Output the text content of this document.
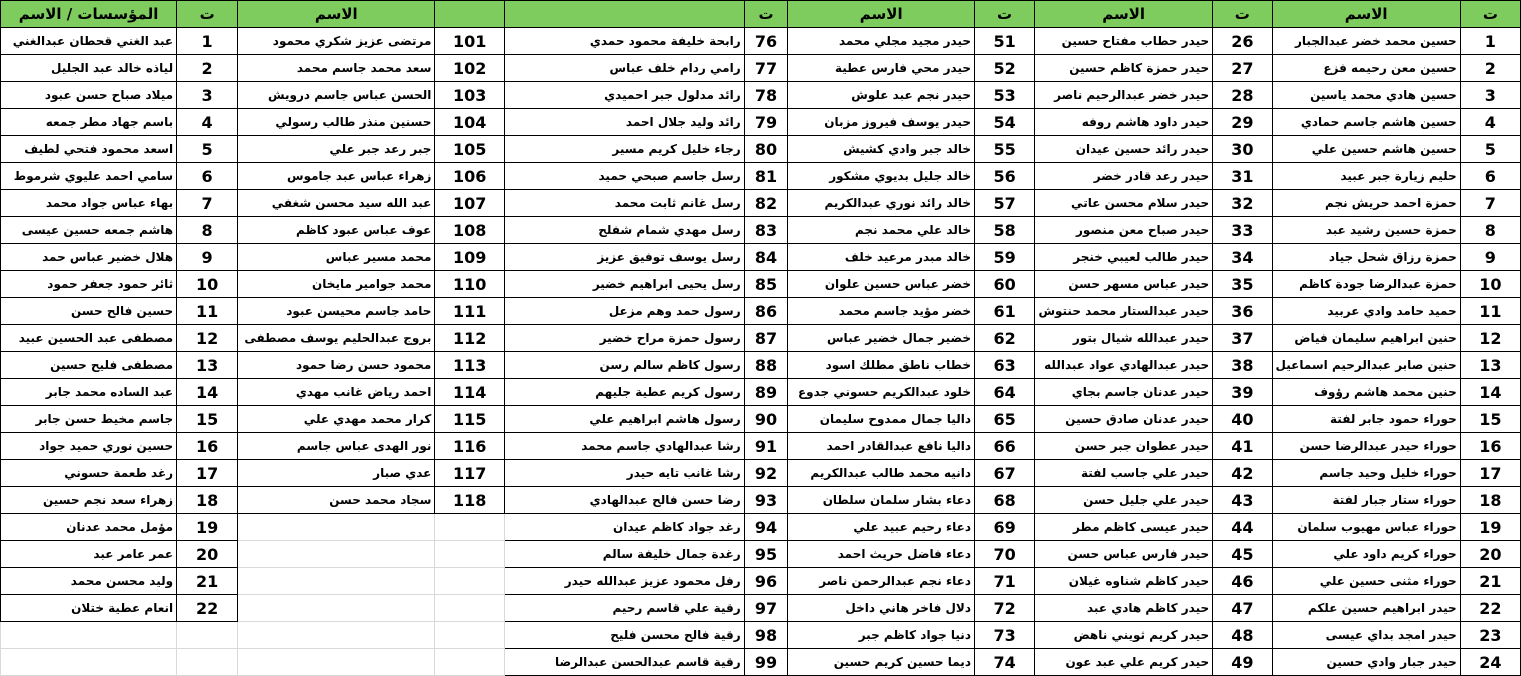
المؤسسات / الاسم	ت	الاسم			ت	الاسم	ت	الاسم	ت	الاسم	ت
عبد الغني قحطان عبدالغني	1	مرتضى عزيز شكري محمود	101	رابحة خليفة محمود حمدي	76	حيدر مجيد مجلي محمد	51	حيدر حطاب مفتاح حسين	26	حسين محمد خضر عبدالجبار	1
لياذه خالد عبد الجليل	2	سعد محمد جاسم محمد	102	رامي ردام خلف عباس	77	حيدر محي فارس عطية	52	حيدر حمزة كاظم حسين	27	حسين معن رحيمه فزع	2
ميلاد صباح حسن عبود	3	الحسن عباس جاسم درويش	103	رائد مدلول جبر احميدي	78	حيدر نجم عبد علوش	53	حيدر خضر عبدالرحيم ناصر	28	حسين هادي محمد ياسين	3
باسم جهاد مطر جمعه	4	حسنين منذر طالب رسولي	104	رائد وليد جلال احمد	79	حيدر يوسف فيروز مزبان	54	حيدر داود هاشم روفه	29	حسين هاشم جاسم حمادي	4
اسعد محمود فتحي لطيف	5	جبر رعد جبر علي	105	رجاء خليل كريم مسير	80	خالد جبر وادي كشيش	55	حيدر رائد حسين عيدان	30	حسين هاشم حسين علي	5
سامي احمد عليوي شرموط	6	زهراء عباس عبد جاموس	106	رسل جاسم صبحي حميد	81	خالد جليل بديوي مشكور	56	حيدر رعد قادر خضر	31	حليم زيارة جبر عبيد	6
بهاء عباس جواد محمد	7	عبد الله سيد محسن شغفي	107	رسل غانم ثابت محمد	82	خالد رائد نوري عبدالكريم	57	حيدر سلام محسن عاتي	32	حمزة احمد حريش نجم	7
هاشم جمعه حسين عيسى	8	عوف عباس عبود كاظم	108	رسل مهدي شمام شفلح	83	خالد علي محمد نجم	58	حيدر صباح معن منصور	33	حمزة حسين رشيد عبد	8
هلال خضير عباس حمد	9	محمد مسير عباس	109	رسل يوسف توفيق عزيز	84	خالد مبدر مرعيد خلف	59	حيدر طالب لعيبي خنجر	34	حمزة رزاق شحل جياد	9
ثائر حمود جعفر حمود	10	محمد جوامير مايخان	110	رسل يحيى ابراهيم خضير	85	خضر عباس حسين علوان	60	حيدر عباس مسهر حسن	35	حمزة عبدالرضا جودة كاظم	10
حسين فالح حسن	11	حامد جاسم محيسن عبود	111	رسول حمد وهم مزعل	86	خضر مؤيد جاسم محمد	61	حيدر عبدالستار محمد حنتوش	36	حميد حامد وادي عربيد	11
مصطفى عبد الحسين عبيد	12	بروج عبدالحليم يوسف مصطفى	112	رسول حمزة مراح خضير	87	خضير جمال خضير عباس	62	حيدر عبدالله شيال بتور	37	حنين ابراهيم سليمان فياض	12
مصطفى فليح حسين	13	محمود حسن رضا حمود	113	رسول كاظم سالم رسن	88	خطاب ناطق مطلك اسود	63	حيدر عبدالهادي عواد عبدالله	38	حنين صابر عبدالرحيم اسماعيل	13
عبد الساده محمد جابر	14	احمد رياض غانب مهدي	114	رسول كريم عطية جليهم	89	خلود عبدالكريم حسوني جدوع	64	حيدر عدنان جاسم بجاي	39	حنين محمد هاشم رؤوف	14
جاسم مخيط حسن جابر	15	كرار محمد مهدي علي	115	رسول هاشم ابراهيم علي	90	داليا جمال ممدوح سليمان	65	حيدر عدنان صادق حسين	40	حوراء حمود جابر لفتة	15
حسين نوري حميد جواد	16	نور الهدى عباس جاسم	116	رشا عبدالهادي جاسم محمد	91	داليا نافع عبدالقادر احمد	66	حيدر عطوان جبر حسن	41	حوراء حيدر عبدالرضا حسن	16
رغد طعمة حسوني	17	عدي صبار	117	رشا غانب تايه حيدر	92	دانيه محمد طالب عبدالكريم	67	حيدر علي جاسب لفتة	42	حوراء خليل وحيد جاسم	17
زهراء سعد نجم حسين	18	سجاد محمد حسن	118	رضا حسن فالح عبدالهادي	93	دعاء بشار سلمان سلطان	68	حيدر علي جليل حسن	43	حوراء ستار جبار لفتة	18
مؤمل محمد عدنان	19			رغد جواد كاظم عيدان	94	دعاء رحيم عبيد علي	69	حيدر عيسى كاظم مطر	44	حوراء عباس مهيوب سلمان	19
عمر عامر عبد	20			رغدة جمال خليفة سالم	95	دعاء فاضل حريث احمد	70	حيدر فارس عباس حسن	45	حوراء كريم داود علي	20
وليد محسن محمد	21			رفل محمود عزيز عبدالله حيدر	96	دعاء نجم عبدالرحمن ناصر	71	حيدر كاظم شناوه غيلان	46	حوراء مثنى حسين علي	21
انعام عطية ختلان	22			رقية علي قاسم رحيم	97	دلال فاخر هاني داخل	72	حيدر كاظم هادي عبد	47	حيدر ابراهيم حسين علكم	22
				رقية فالح محسن فليح	98	دنيا جواد كاظم جبر	73	حيدر كريم ثويني ناهض	48	حيدر امجد بداي عيسى	23
				رقية قاسم عبدالحسن عبدالرضا	99	ديما حسين كريم حسين	74	حيدر كريم علي عبد عون	49	حيدر جبار وادي حسين	24
